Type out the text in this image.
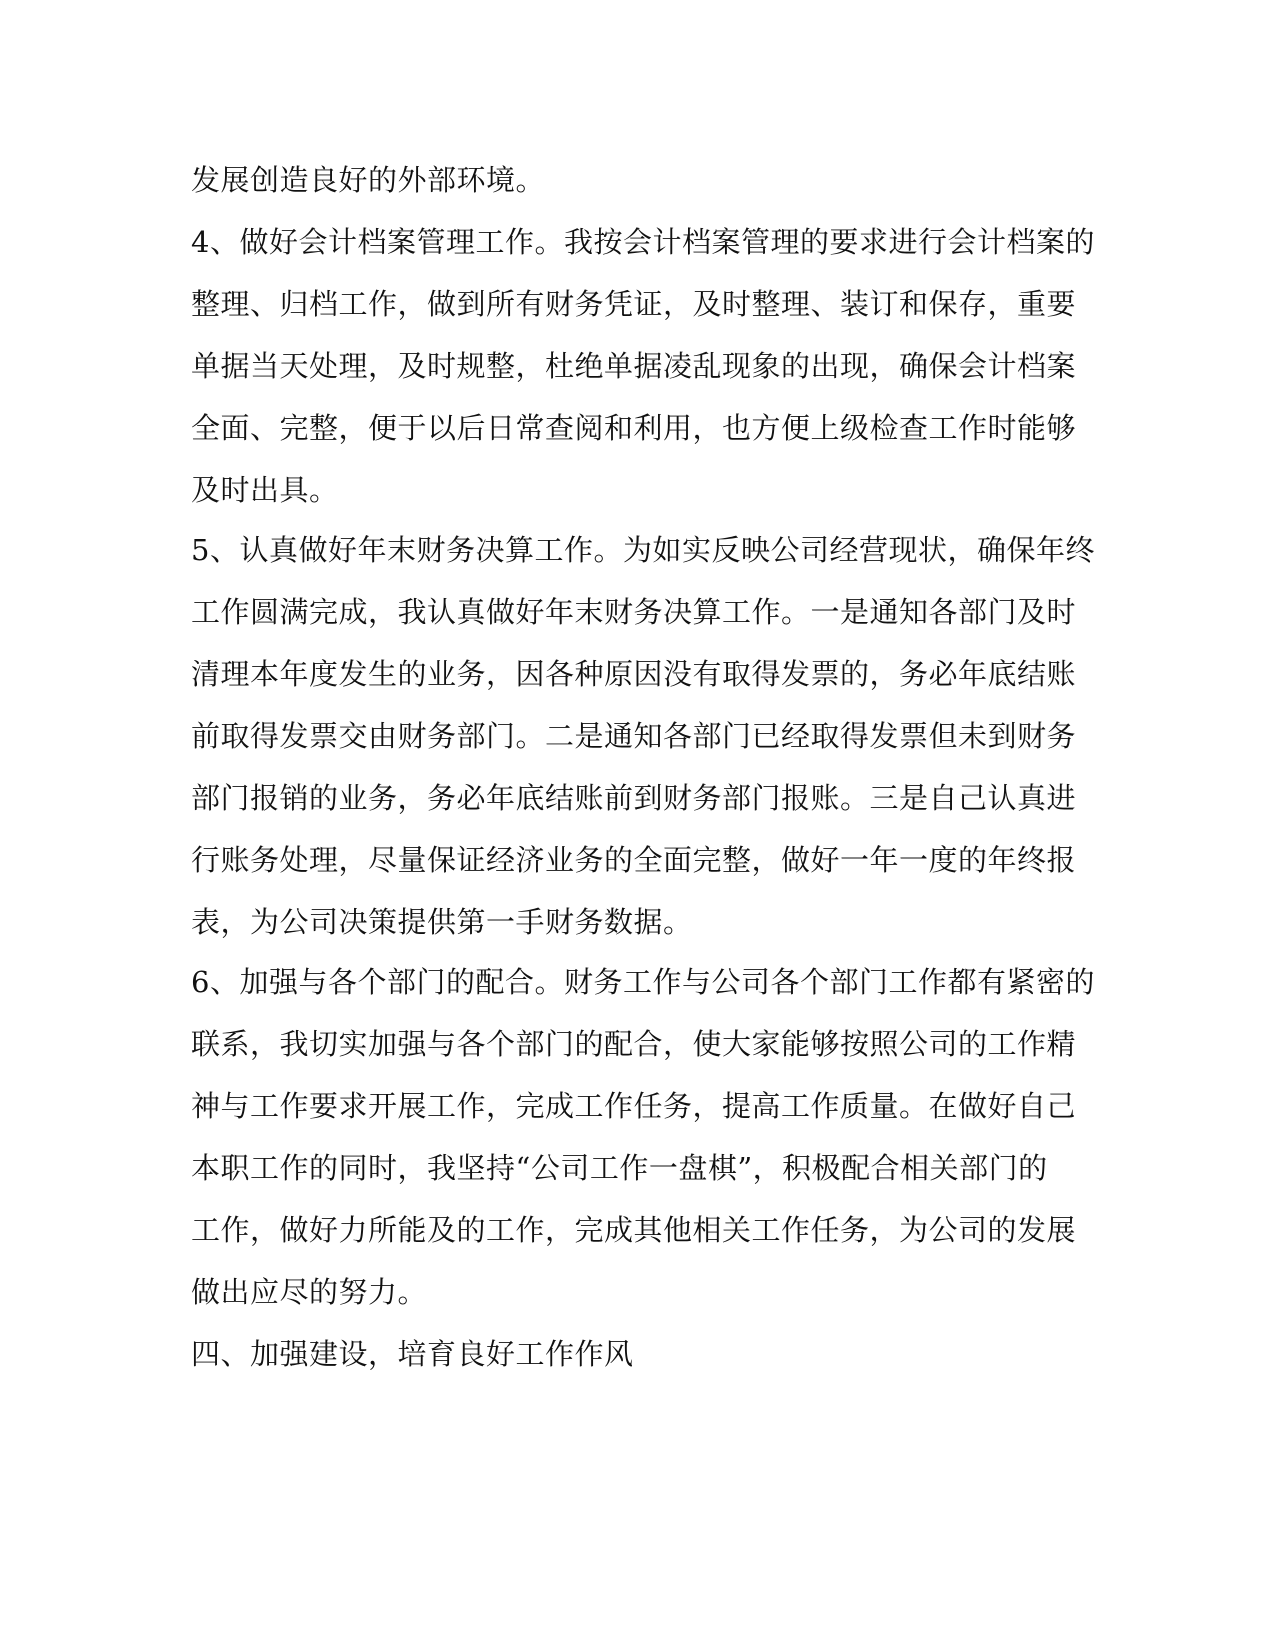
发展创造良好的外部环境。
4、做好会计档案管理工作。我按会计档案管理的要求进行会计档案的
整理、归档工作，做到所有财务凭证，及时整理、装订和保存，重要
单据当天处理，及时规整，杜绝单据凌乱现象的出现，确保会计档案
全面、完整，便于以后日常查阅和利用，也方便上级检查工作时能够
及时出具。
5、认真做好年末财务决算工作。为如实反映公司经营现状，确保年终
工作圆满完成，我认真做好年末财务决算工作。一是通知各部门及时
清理本年度发生的业务，因各种原因没有取得发票的，务必年底结账
前取得发票交由财务部门。二是通知各部门已经取得发票但未到财务
部门报销的业务，务必年底结账前到财务部门报账。三是自己认真进
行账务处理，尽量保证经济业务的全面完整，做好一年一度的年终报
表，为公司决策提供第一手财务数据。
6、加强与各个部门的配合。财务工作与公司各个部门工作都有紧密的
联系，我切实加强与各个部门的配合，使大家能够按照公司的工作精
神与工作要求开展工作，完成工作任务，提高工作质量。在做好自己
本职工作的同时，我坚持“公司工作一盘棋”，积极配合相关部门的
工作，做好力所能及的工作，完成其他相关工作任务，为公司的发展
做出应尽的努力。
四、加强建设，培育良好工作作风
